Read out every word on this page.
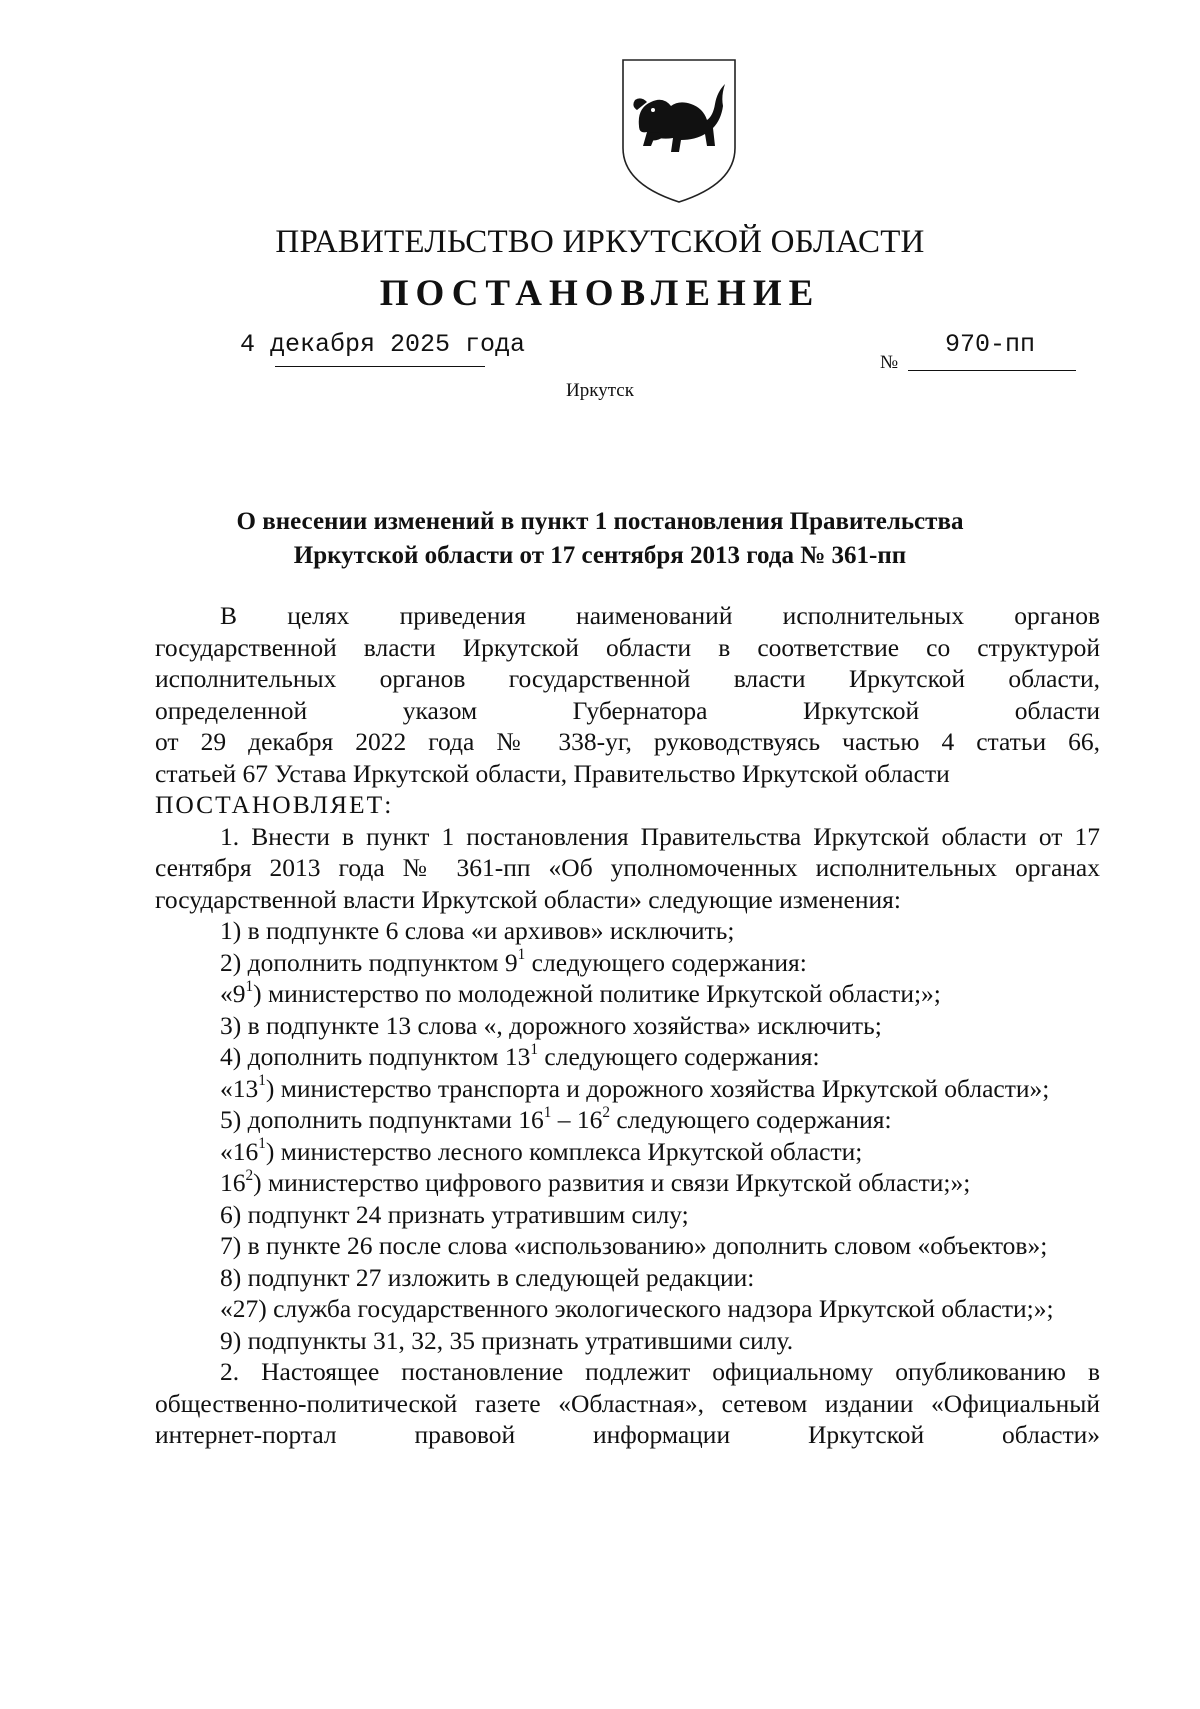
ПРАВИТЕЛЬСТВО ИРКУТСКОЙ ОБЛАСТИ
ПОСТАНОВЛЕНИЕ
4 декабря 2025 года
№
970-пп
Иркутск
О внесении изменений в пункт 1 постановления Правительства
Иркутской области от 17 сентября 2013 года № 361-пп

В целях приведения наименований исполнительных органов

государственной власти Иркутской области в соответствие со структурой

исполнительных органов государственной власти Иркутской области,

определенной указом Губернатора Иркутской области

от 29 декабря 2022 года № 338-уг, руководствуясь частью 4 статьи 66,

статьей 67 Устава Иркутской области, Правительство Иркутской области

ПОСТАНОВЛЯЕТ:

1. Внести в пункт 1 постановления Правительства Иркутской области от 17 сентября 2013 года № 361-пп «Об уполномоченных исполнительных органах государственной власти Иркутской области» следующие изменения:

1) в подпункте 6 слова «и архивов» исключить;

2) дополнить подпунктом $9^1$ следующего содержания:

«$9^1$) министерство по молодежной политике Иркутской области;»;

3) в подпункте 13 слова «, дорожного хозяйства» исключить;

4) дополнить подпунктом $13^1$ следующего содержания:

«$13^1$) министерство транспорта и дорожного хозяйства Иркутской области»;

5) дополнить подпунктами $16^1 - 16^2$ следующего содержания:

«$16^1$) министерство лесного комплекса Иркутской области;

$16^2$) министерство цифрового развития и связи Иркутской области;»;

6) подпункт 24 признать утратившим силу;

7) в пункте 26 после слова «использованию» дополнить словом «объектов»;

8) подпункт 27 изложить в следующей редакции:

«27) служба государственного экологического надзора Иркутской области;»;

9) подпункты 31, 32, 35 признать утратившими силу.

2. Настоящее постановление подлежит официальному опубликованию в общественно-политической газете «Областная», сетевом издании «Официальный интернет-портал правовой информации Иркутской области»
